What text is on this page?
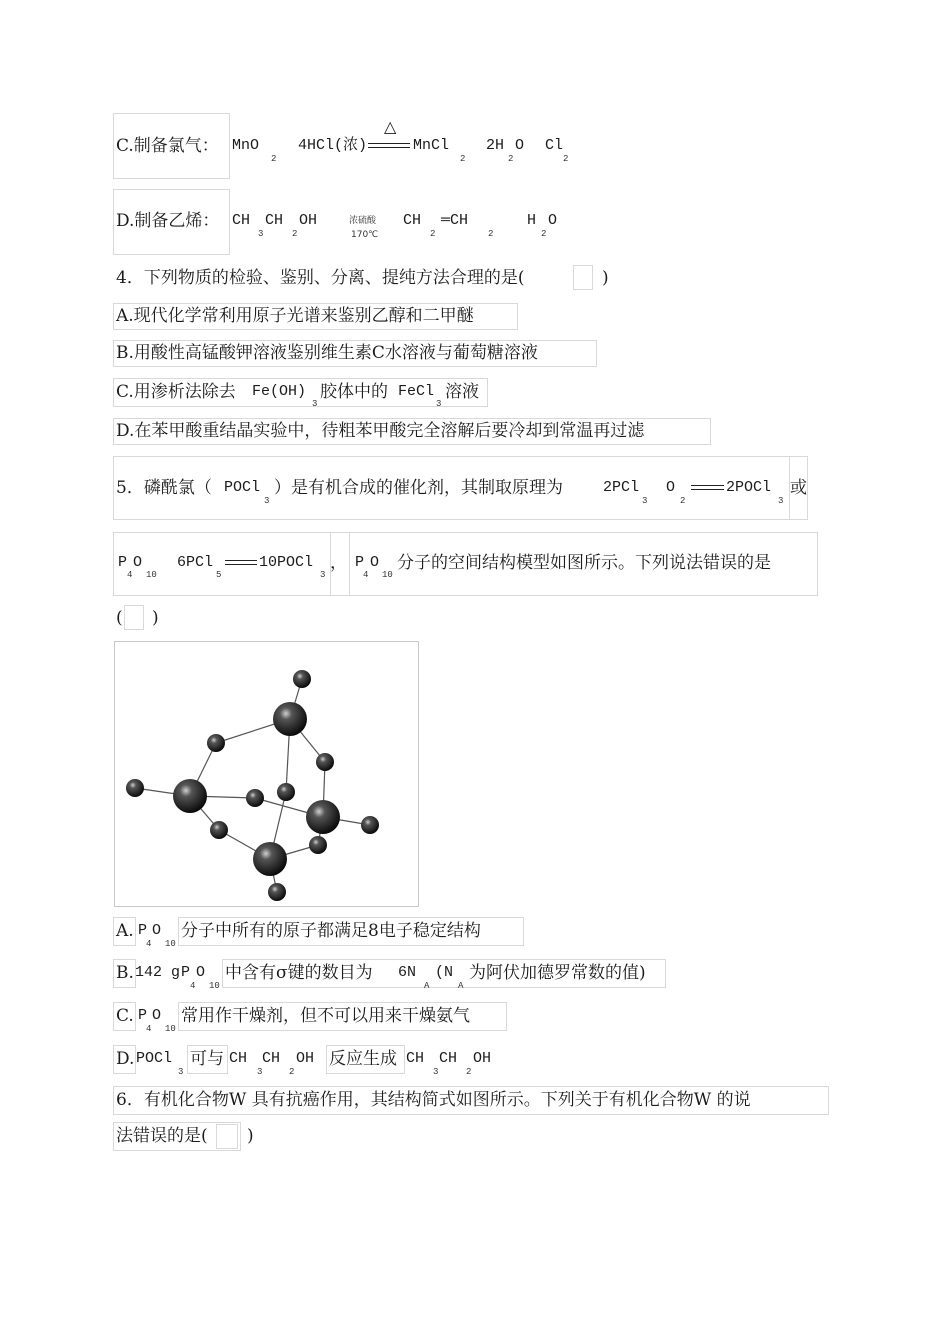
C.制备氯气： MnO
2
4HCl(浓)
△
MnCl
2
2H
2
O Cl
2
D.制备乙烯： CH
3
CH
2
OH	浓硫酸
170℃
CH
2
═CH
2
H
2
O
4．下列物质的检验、鉴别、分离、提纯方法合理的是(	)
A.现代化学常利用原子光谱来鉴别乙醇和二甲醚
B.用酸性高锰酸钾溶液鉴别维生素C水溶液与葡萄糖溶液
C.用渗析法除去 Fe(OH)
3
胶体中的 FeCl
3
溶液
D.在苯甲酸重结晶实验中，待粗苯甲酸完全溶解后要冷却到常温再过滤
5．磷酰氯（ POCl
3
）是有机合成的催化剂，其制取原理为	2PCl
3
O
2
2POCl
3
或
P O
4 10
6PCl
5
10POCl
3
， P O
4 10
分子的空间结构模型如图所示。下列说法错误的是
( )
A. P O
4 10
分子中所有的原子都满足8电子稳定结构
B. 142 g P O
4 10
中含有σ键的数目为 6N
A
(N
A
为阿伏加德罗常数的值)
C. P O
4 10
常用作干燥剂，但不可以用来干燥氨气
D. POCl
3
可与 CH
3
CH
2
OH 反应生成 CH
3
CH
2
OH
6．有机化合物W 具有抗癌作用，其结构简式如图所示。下列关于有机化合物W 的说
法错误的是( )
